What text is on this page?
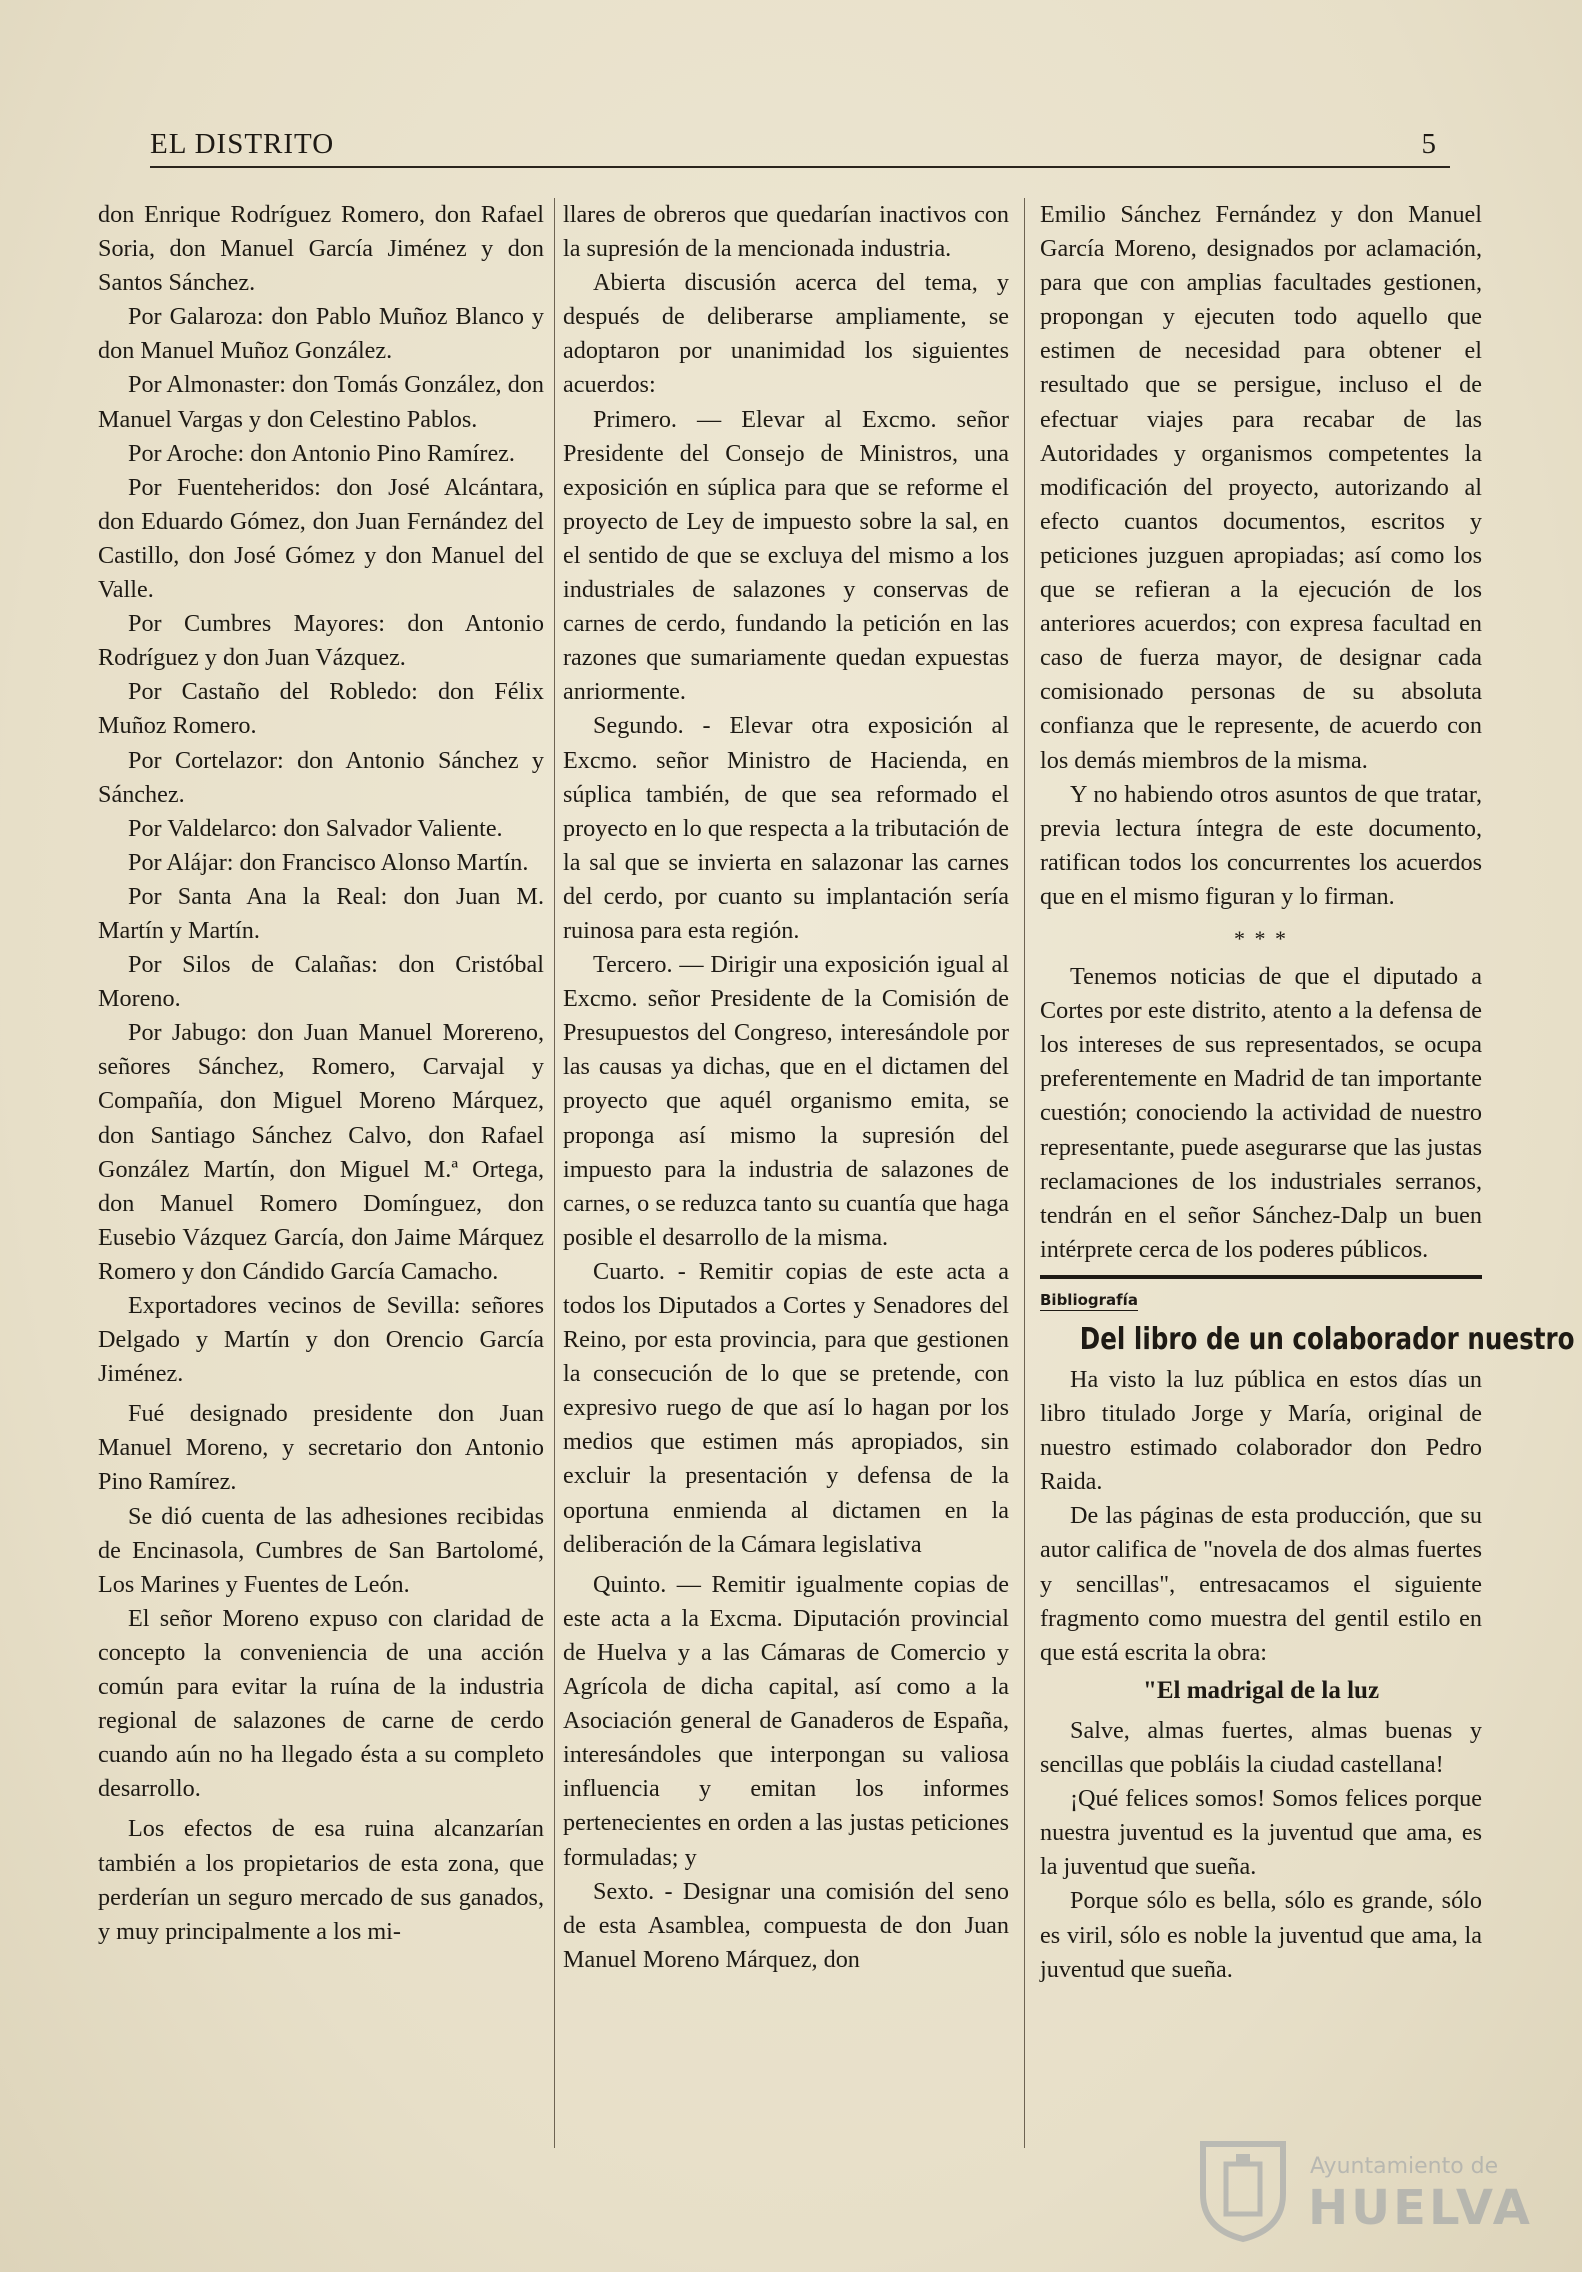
EL DISTRITO	5

don Enrique Rodríguez Romero, don Rafael Soria, don Manuel García Jiménez y don Santos Sánchez.

Por Galaroza: don Pablo Muñoz Blanco y don Manuel Muñoz González.

Por Almonaster: don Tomás González, don Manuel Vargas y don Celestino Pablos.

Por Aroche: don Antonio Pino Ramírez.

Por Fuenteheridos: don José Alcántara, don Eduardo Gómez, don Juan Fernández del Castillo, don José Gómez y don Manuel del Valle.

Por Cumbres Mayores: don Antonio Rodríguez y don Juan Vázquez.

Por Castaño del Robledo: don Félix Muñoz Romero.

Por Cortelazor: don Antonio Sánchez y Sánchez.

Por Valdelarco: don Salvador Valiente.

Por Alájar: don Francisco Alonso Martín.

Por Santa Ana la Real: don Juan M. Martín y Martín.

Por Silos de Calañas: don Cristóbal Moreno.

Por Jabugo: don Juan Manuel Morereno, señores Sánchez, Romero, Carvajal y Compañía, don Miguel Moreno Márquez, don Santiago Sánchez Calvo, don Rafael González Martín, don Miguel M.ª Ortega, don Manuel Romero Domínguez, don Eusebio Vázquez García, don Jaime Márquez Romero y don Cándido García Camacho.

Exportadores vecinos de Sevilla: señores Delgado y Martín y don Orencio García Jiménez.

Fué designado presidente don Juan Manuel Moreno, y secretario don Antonio Pino Ramírez.

Se dió cuenta de las adhesiones recibidas de Encinasola, Cumbres de San Bartolomé, Los Marines y Fuentes de León.

El señor Moreno expuso con claridad de concepto la conveniencia de una acción común para evitar la ruína de la industria regional de salazones de carne de cerdo cuando aún no ha llegado ésta a su completo desarrollo.

Los efectos de esa ruina alcanzarían también a los propietarios de esta zona, que perderían un seguro mercado de sus ganados, y muy principalmente a los mi-

llares de obreros que quedarían inactivos con la supresión de la mencionada industria.

Abierta discusión acerca del tema, y después de deliberarse ampliamente, se adoptaron por unanimidad los siguientes acuerdos:

Primero. — Elevar al Excmo. señor Presidente del Consejo de Ministros, una exposición en súplica para que se reforme el proyecto de Ley de impuesto sobre la sal, en el sentido de que se excluya del mismo a los industriales de salazones y conservas de carnes de cerdo, fundando la petición en las razones que sumariamente quedan expuestas anriormente.

Segundo. - Elevar otra exposición al Excmo. señor Ministro de Hacienda, en súplica también, de que sea reformado el proyecto en lo que respecta a la tributación de la sal que se invierta en salazonar las carnes del cerdo, por cuanto su implantación sería ruinosa para esta región.

Tercero. — Dirigir una exposición igual al Excmo. señor Presidente de la Comisión de Presupuestos del Congreso, interesándole por las causas ya dichas, que en el dictamen del proyecto que aquél organismo emita, se proponga así mismo la supresión del impuesto para la industria de salazones de carnes, o se reduzca tanto su cuantía que haga posible el desarrollo de la misma.

Cuarto. - Remitir copias de este acta a todos los Diputados a Cortes y Senadores del Reino, por esta provincia, para que gestionen la consecución de lo que se pretende, con expresivo ruego de que así lo hagan por los medios que estimen más apropiados, sin excluir la presentación y defensa de la oportuna enmienda al dictamen en la deliberación de la Cámara legislativa

Quinto. — Remitir igualmente copias de este acta a la Excma. Diputación provincial de Huelva y a las Cámaras de Comercio y Agrícola de dicha capital, así como a la Asociación general de Ganaderos de España, interesándoles que interpongan su valiosa influencia y emitan los informes pertenecientes en orden a las justas peticiones formuladas; y

Sexto. - Designar una comisión del seno de esta Asamblea, compuesta de don Juan Manuel Moreno Márquez, don

Emilio Sánchez Fernández y don Manuel García Moreno, designados por aclamación, para que con amplias facultades gestionen, propongan y ejecuten todo aquello que estimen de necesidad para obtener el resultado que se persigue, incluso el de efectuar viajes para recabar de las Autoridades y organismos competentes la modificación del proyecto, autorizando al efecto cuantos documentos, escritos y peticiones juzguen apropiadas; así como los que se refieran a la ejecución de los anteriores acuerdos; con expresa facultad en caso de fuerza mayor, de designar cada comisionado personas de su absoluta confianza que le represente, de acuerdo con los demás miembros de la misma.

Y no habiendo otros asuntos de que tratar, previa lectura íntegra de este documento, ratifican todos los concurrentes los acuerdos que en el mismo figuran y lo firman.

* * *

Tenemos noticias de que el diputado a Cortes por este distrito, atento a la defensa de los intereses de sus representados, se ocupa preferentemente en Madrid de tan importante cuestión; conociendo la actividad de nuestro representante, puede asegurarse que las justas reclamaciones de los industriales serranos, tendrán en el señor Sánchez-Dalp un buen intérprete cerca de los poderes públicos.

Bibliografía
Del libro de un colaborador nuestro

Ha visto la luz pública en estos días un libro titulado Jorge y María, original de nuestro estimado colaborador don Pedro Raida.

De las páginas de esta producción, que su autor califica de "novela de dos almas fuertes y sencillas", entresacamos el siguiente fragmento como muestra del gentil estilo en que está escrita la obra:

"El madrigal de la luz

Salve, almas fuertes, almas buenas y sencillas que pobláis la ciudad castellana!

¡Qué felices somos! Somos felices porque nuestra juventud es la juventud que ama, es la juventud que sueña.

Porque sólo es bella, sólo es grande, sólo es viril, sólo es noble la juventud que ama, la juventud que sueña.

Ayuntamiento de
HUELVA
